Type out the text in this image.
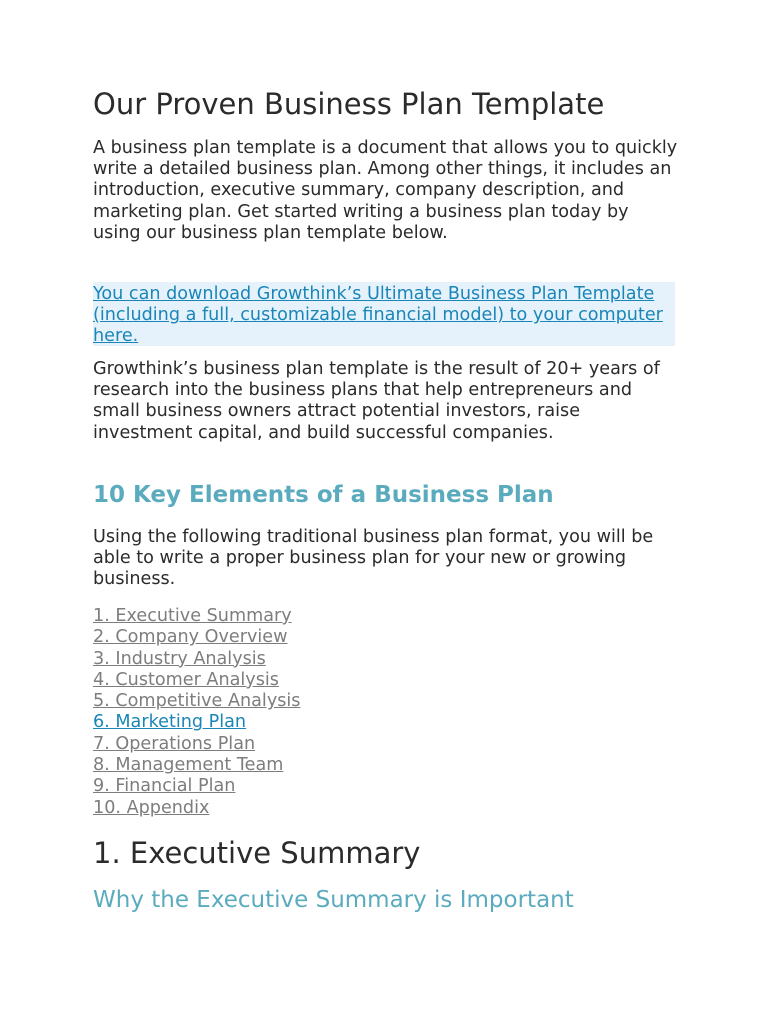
Our Proven Business Plan Template

A business plan template is a document that allows you to quickly write a detailed business plan. Among other things, it includes an introduction, executive summary, company description, and marketing plan. Get started writing a business plan today by using our business plan template below.

You can download Growthink’s Ultimate Business Plan Template (including a full, customizable financial model) to your computer here.

Growthink’s business plan template is the result of 20+ years of research into the business plans that help entrepreneurs and small business owners attract potential investors, raise investment capital, and build successful companies.

10 Key Elements of a Business Plan

Using the following traditional business plan format, you will be able to write a proper business plan for your new or growing business.

1. Executive Summary
2. Company Overview
3. Industry Analysis
4. Customer Analysis
5. Competitive Analysis
6. Marketing Plan
7. Operations Plan
8. Management Team
9. Financial Plan
10. Appendix
1. Executive Summary
Why the Executive Summary is Important
